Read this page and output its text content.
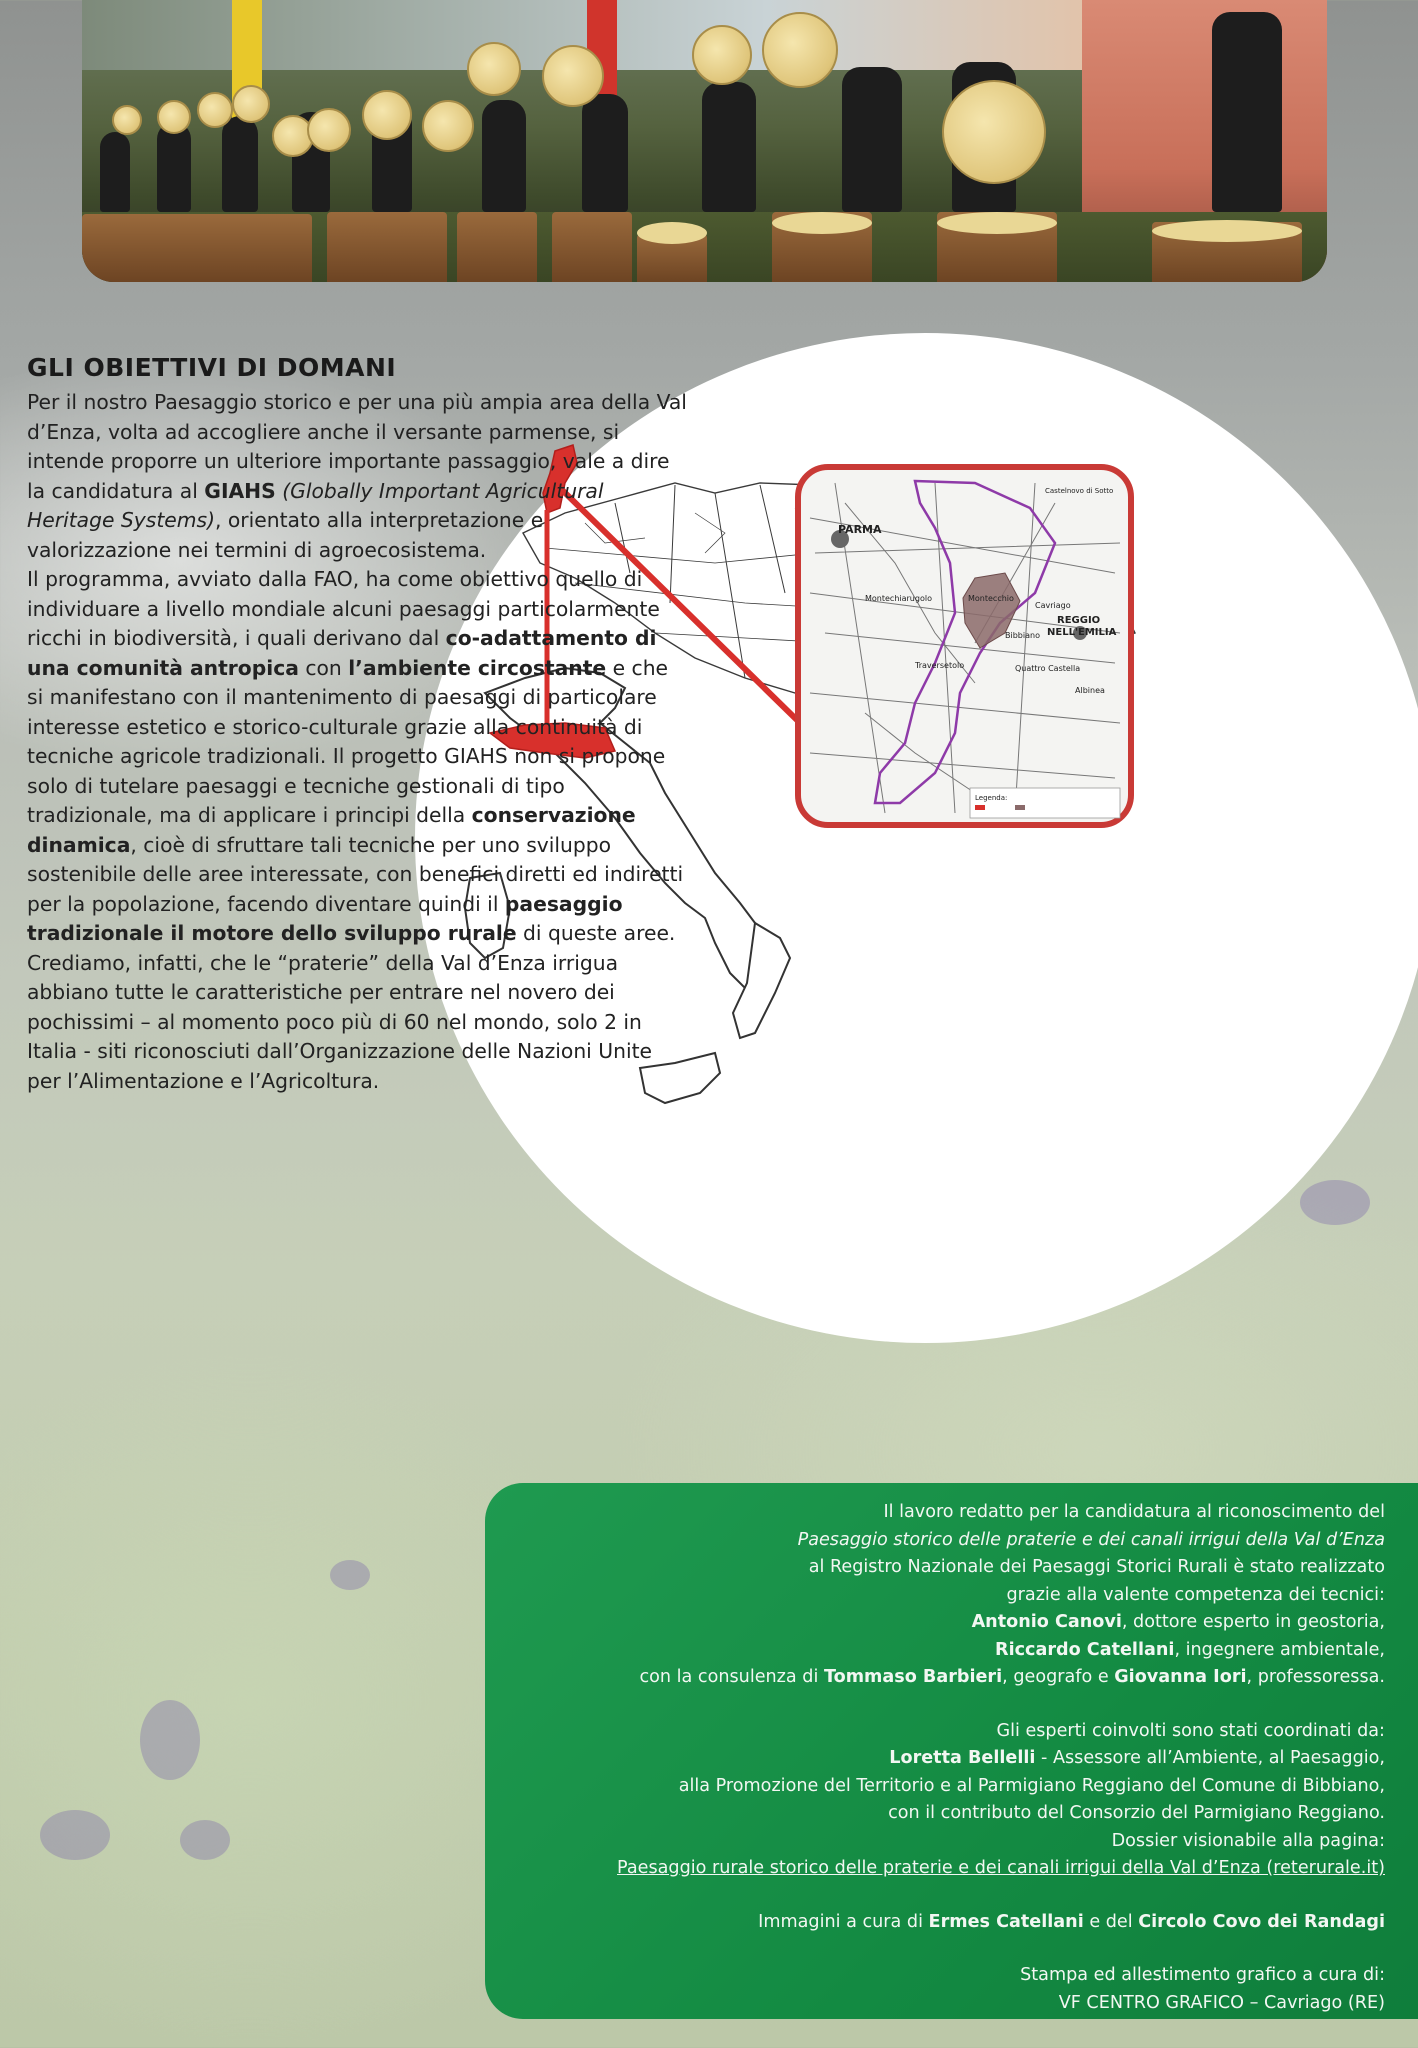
PARMA
REGGIO
NELL'EMILIA
Montecchio
Montechiarugolo
Traversetolo
Bibbiano
Quattro Castella
Cavriago
Albinea
Castelnovo di Sotto
Legenda:
GLI OBIETTIVI DI DOMANI

Per il nostro Paesaggio storico e per una più ampia area della Val d’Enza, volta ad accogliere anche il versante parmense, si intende proporre un ulteriore importante passaggio, vale a dire la candidatura al GIAHS (Globally Important Agricultural Heritage Systems), orientato alla interpretazione e valorizzazione nei termini di agroecosistema.

Il programma, avviato dalla FAO, ha come obiettivo quello di individuare a livello mondiale alcuni paesaggi particolarmente ricchi in biodiversità, i quali derivano dal co-adattamento di una comunità antropica con l’ambiente circostante e che si manifestano con il mantenimento di paesaggi di particolare interesse estetico e storico-culturale grazie alla continuità di tecniche agricole tradizionali. Il progetto GIAHS non si propone solo di tutelare paesaggi e tecniche gestionali di tipo tradizionale, ma di applicare i principi della conservazione dinamica, cioè di sfruttare tali tecniche per uno sviluppo sostenibile delle aree interessate, con benefici diretti ed indiretti per la popolazione, facendo diventare quindi il paesaggio tradizionale il motore dello sviluppo rurale di queste aree. Crediamo, infatti, che le “praterie” della Val d’Enza irrigua abbiano tutte le caratteristiche per entrare nel novero dei pochissimi – al momento poco più di 60 nel mondo, solo 2 in Italia - siti riconosciuti dall’Organizzazione delle Nazioni Unite per l’Alimentazione e l’Agricoltura.

Il lavoro redatto per la candidatura al riconoscimento del

Paesaggio storico delle praterie e dei canali irrigui della Val d’Enza

al Registro Nazionale dei Paesaggi Storici Rurali è stato realizzato

grazie alla valente competenza dei tecnici:

Antonio Canovi, dottore esperto in geostoria,

Riccardo Catellani, ingegnere ambientale,

con la consulenza di Tommaso Barbieri, geografo e Giovanna Iori, professoressa.

Gli esperti coinvolti sono stati coordinati da:

Loretta Bellelli - Assessore all’Ambiente, al Paesaggio,

alla Promozione del Territorio e al Parmigiano Reggiano del Comune di Bibbiano,

con il contributo del Consorzio del Parmigiano Reggiano.

Dossier visionabile alla pagina:

Paesaggio rurale storico delle praterie e dei canali irrigui della Val d’Enza (reterurale.it)

Immagini a cura di Ermes Catellani e del Circolo Covo dei Randagi

Stampa ed allestimento grafico a cura di:

VF CENTRO GRAFICO – Cavriago (RE)
